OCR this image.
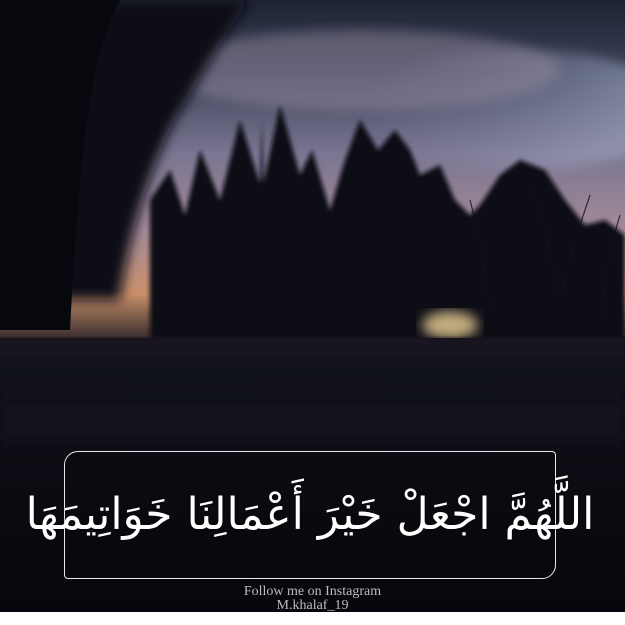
اللَّهُمَّ اجْعَلْ خَيْرَ أَعْمَالِنَا خَوَاتِيمَهَا
Follow me on Instagram
M.khalaf_19
